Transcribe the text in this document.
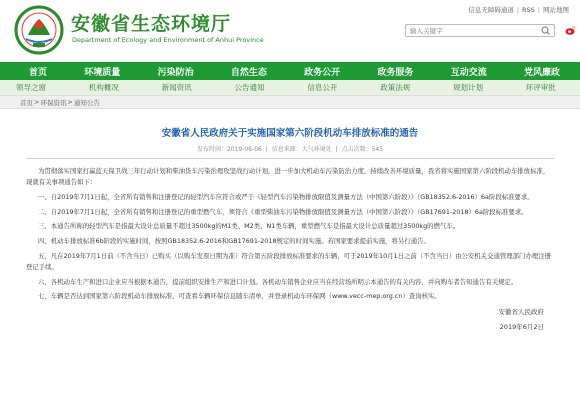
安徽省生态环境厅
Department of Ecology and Environment of Anhui Province
信息无障碍通道 | RSS | 网站地图
输入关键字
首页	环境质量	污染防治	自然生态	政务公开	政务服务	互动交流	党风廉政
领导之窗	机构概况	新闻资讯	公告通知	信息公开	政策法规	规划计划	环评审批
首页 > 环保资讯 > 通知公告
安徽省人民政府关于实施国家第六阶段机动车排放标准的通告
发布时间：2019-06-06 | 信息来源：大气环境处 | 点击次数：545

为贯彻落实国家打赢蓝天保卫战三年行动计划和柴油货车污染治理攻坚战行动计划，进一步加大机动车污染防治力度，持续改善环境质量，我省将实施国家第六阶段机动车排放标准，现就有关事项通告如下：

一、自2019年7月1日起，全省所有销售和注册登记的轻型汽车应符合或严于《轻型汽车污染物排放限值及测量方法（中国第六阶段）》（GB18352.6-2016）6a阶段标准要求。

二、自2019年7月1日起，全省所有销售和注册登记的重型燃气车，须符合《重型柴油车污染物排放限值及测量方法（中国第六阶段）》（GB17691-2018）6a阶段标准要求。

三、本通告所称的轻型汽车是指最大设计总质量不超过3500kg的M1类、M2类、N1类车辆，重型燃气车是指最大设计总质量超过3500kg的燃气车。

四、机动车排放标准6b阶段的实施时间，按照GB18352.6-2016和GB17691-2018规定的时间实施。若国家要求提前实施，将另行通告。

五、凡在2019年7月1日前（不含当日）已购买（以购车发票日期为准）符合第五阶段排放标准要求的车辆，可于2019年10月1日之前（不含当日）由公安机关交通管理部门办理注册登记手续。

六、各机动车生产和进口企业应当根据本通告，提前组织安排生产和进口计划。各机动车销售企业应当在经营场所明示本通告的有关内容，并向购车者告知通告有关规定。

七、车辆是否达到国家第六阶段机动车排放标准，可查看车辆环保信息随车清单，并登录机动车环保网（www.vecc-mep.org.cn）查询核实。

安徽省人民政府
2019年6月2日
